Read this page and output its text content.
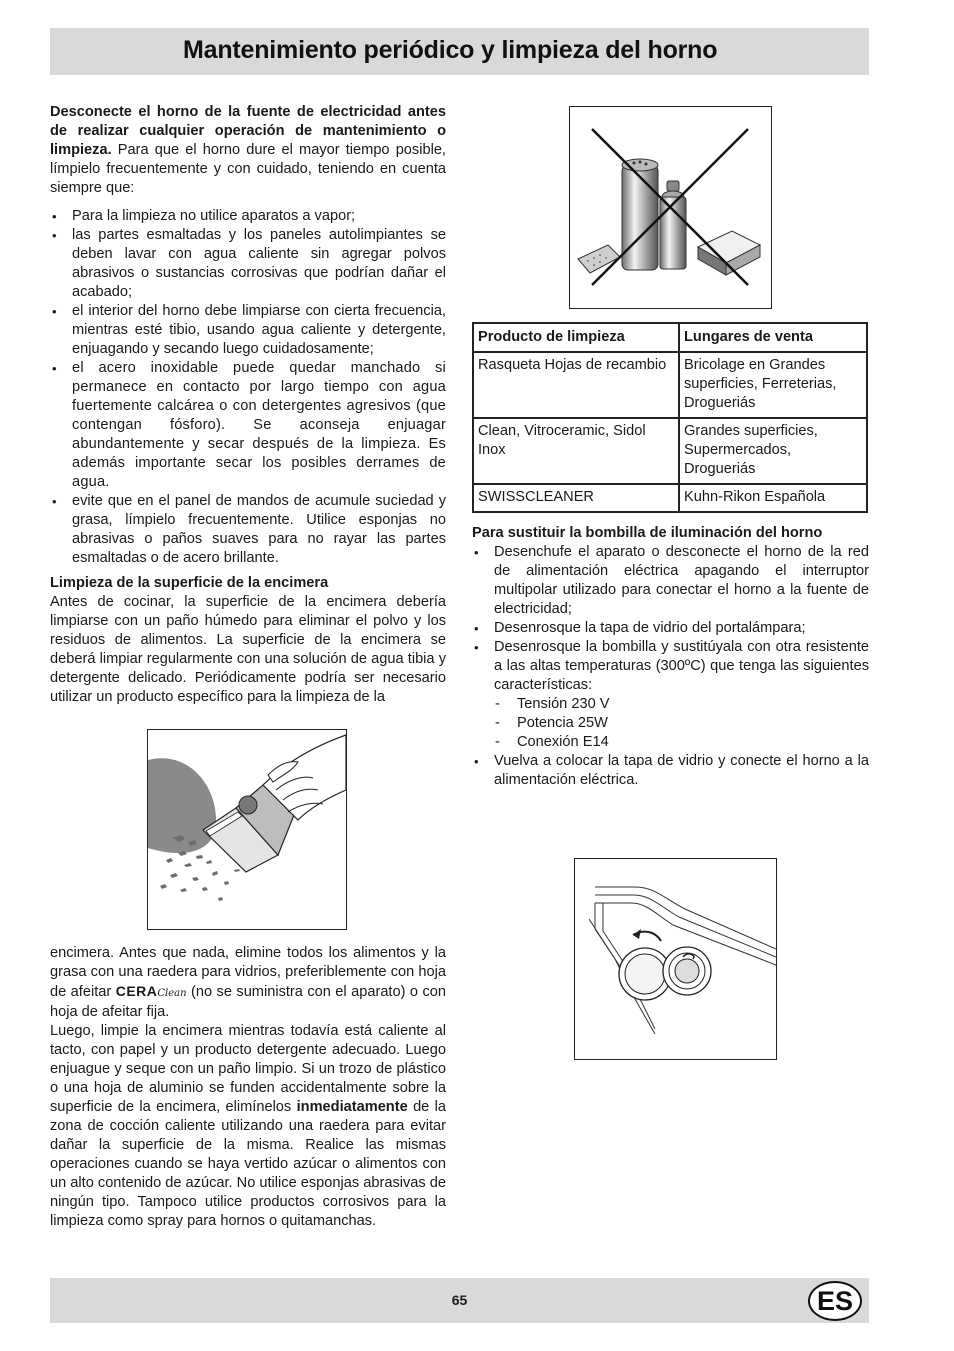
Mantenimiento periódico y limpieza del horno

Desconecte el horno de la fuente de electricidad antes de realizar cualquier operación de mantenimiento o limpieza. Para que el horno dure el mayor tiempo posible, límpielo frecuentemente y con cuidado, teniendo en cuenta siempre que:

• Para la limpieza no utilice aparatos a vapor;
• las partes esmaltadas y los paneles autolimpiantes se deben lavar con agua caliente sin agregar polvos abrasivos o sustancias corrosivas que podrían dañar el acabado;
• el interior del horno debe limpiarse con cierta frecuencia, mientras esté tibio, usando agua caliente y detergente, enjuagando y secando luego cuidadosamente;
• el acero inoxidable puede quedar manchado si permanece en contacto por largo tiempo con agua fuertemente calcárea o con detergentes agresivos (que contengan fósforo). Se aconseja enjuagar abundantemente y secar después de la limpieza. Es además importante secar los posibles derrames de agua.
• evite que en el panel de mandos de acumule suciedad y grasa, límpielo frecuentemente. Utilice esponjas no abrasivas o paños suaves para no rayar las partes esmaltadas o de acero brillante.

Limpieza de la superficie de la encimera

Antes de cocinar, la superficie de la encimera debería limpiarse con un paño húmedo para eliminar el polvo y los residuos de alimentos. La superficie de la encimera se deberá limpiar regularmente con una solución de agua tibia y detergente delicado. Periódicamente podría ser necesario utilizar un producto específico para la limpieza de la

encimera. Antes que nada, elimine todos los alimentos y la grasa con una raedera para vidrios, preferiblemente con hoja de afeitar CERAClean (no se suministra con el aparato) o con hoja de afeitar fija.

Luego, limpie la encimera mientras todavía está caliente al tacto, con papel y un producto detergente adecuado. Luego enjuague y seque con un paño limpio. Si un trozo de plástico o una hoja de aluminio se funden accidentalmente sobre la superficie de la encimera, elimínelos inmediatamente de la zona de cocción caliente utilizando una raedera para evitar dañar la superficie de la misma. Realice las mismas operaciones cuando se haya vertido azúcar o alimentos con un alto contenido de azúcar. No utilice esponjas abrasivas de ningún tipo. Tampoco utilice productos corrosivos para la limpieza como spray para hornos o quitamanchas.

Producto de limpieza	Lungares de venta
Rasqueta Hojas de recambio	Bricolage en Grandes superficies, Ferreterias, Drogueriás
Clean, Vitroceramic, Sidol Inox	Grandes superficies, Supermercados, Drogueriás
SWISSCLEANER	Kuhn-Rikon Española

Para sustituir la bombilla de iluminación del horno

• Desenchufe el aparato o desconecte el horno de la red de alimentación eléctrica apagando el interruptor multipolar utilizado para conectar el horno a la fuente de electricidad;
• Desenrosque la tapa de vidrio del portalámpara;
• Desenrosque la bombilla y sustitúyala con otra resistente a las altas temperaturas (300ºC) que tenga las siguientes características:
- Tensión 230 V
- Potencia 25W
- Conexión E14
• Vuelva a colocar la tapa de vidrio y conecte el horno a la alimentación eléctrica.
65	ES
